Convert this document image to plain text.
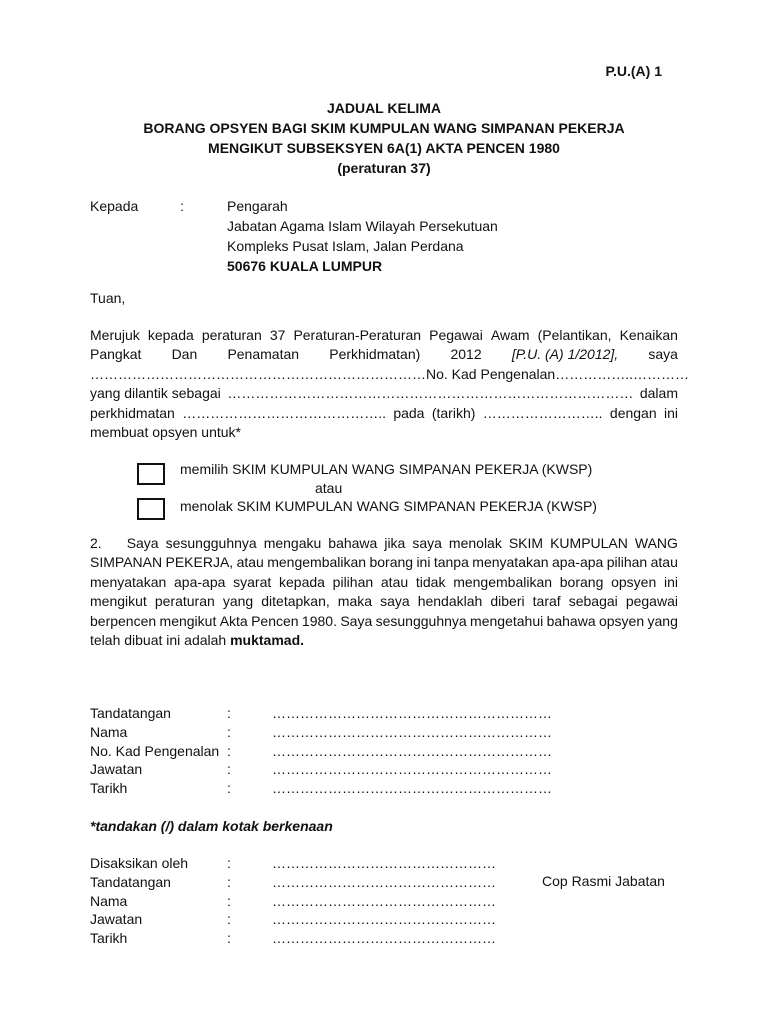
P.U.(A) 1
JADUAL KELIMA
BORANG OPSYEN BAGI SKIM KUMPULAN WANG SIMPANAN PEKERJA
MENGIKUT SUBSEKSYEN 6A(1) AKTA PENCEN 1980
(peraturan 37)
Kepada	:	Pengarah
Jabatan Agama Islam Wilayah Persekutuan
Kompleks Pusat Islam, Jalan Perdana
50676 KUALA LUMPUR
Tuan,
Merujuk kepada peraturan 37 Peraturan-Peraturan Pegawai Awam (Pelantikan, Kenaikan
Pangkat Dan Penamatan Perkhidmatan) 2012 [P.U. (A) 1/2012], saya
……………………………………………………………… No. Kad Pengenalan ……………..…………
yang dilantik sebagai …………………………………………………………………………… dalam
perkhidmatan …………………………………….. pada (tarikh) …………………….. dengan ini
membuat opsyen untuk*
memilih SKIM KUMPULAN WANG SIMPANAN PEKERJA (KWSP)
atau
menolak SKIM KUMPULAN WANG SIMPANAN PEKERJA (KWSP)
2. Saya sesungguhnya mengaku bahawa jika saya menolak SKIM KUMPULAN WANG
SIMPANAN PEKERJA, atau mengembalikan borang ini tanpa menyatakan apa-apa pilihan atau
menyatakan apa-apa syarat kepada pilihan atau tidak mengembalikan borang opsyen ini
mengikut peraturan yang ditetapkan, maka saya hendaklah diberi taraf sebagai pegawai
berpencen mengikut Akta Pencen 1980. Saya sesungguhnya mengetahui bahawa opsyen yang
telah dibuat ini adalah muktamad.
Tandatangan	:	……………………………………………………
Nama	:	……………………………………………………
No. Kad Pengenalan :	……………………………………………………
Jawatan	:	……………………………………………………
Tarikh	:	……………………………………………………
*tandakan (/) dalam kotak berkenaan
Disaksikan oleh	:	…………………………………………
Tandatangan	:	…………………………………………
Nama	:	…………………………………………
Jawatan	:	…………………………………………
Tarikh	:	…………………………………………
Cop Rasmi Jabatan
